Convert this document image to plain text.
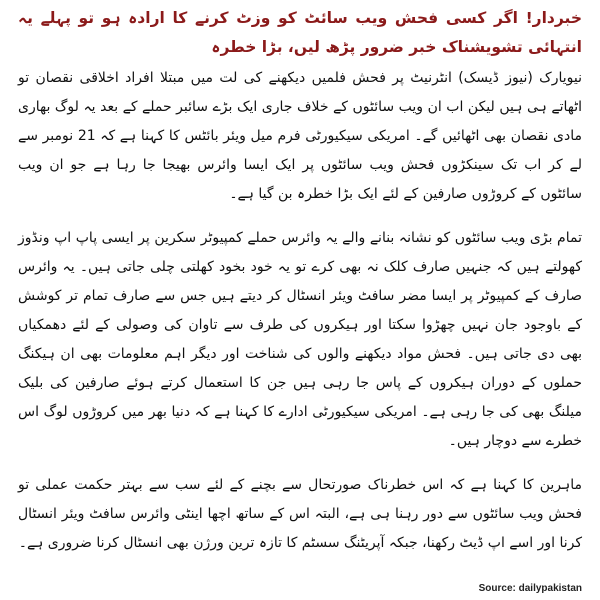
خبردار! اگر کسی فحش ویب سائٹ کو وزٹ کرنے کا ارادہ ہو تو پہلے یہ انتہائی تشویشناک خبر ضرور پڑھ لیں، بڑا خطرہ

نیویارک (نیوز ڈیسک) انٹرنیٹ پر فحش فلمیں دیکھنے کی لت میں مبتلا افراد اخلاقی نقصان تو اٹھاتے ہی ہیں لیکن اب ان ویب سائٹوں کے خلاف جاری ایک بڑے سائبر حملے کے بعد یہ لوگ بھاری مادی نقصان بھی اٹھائیں گے۔ امریکی سیکیورٹی فرم میل ویئر بائٹس کا کہنا ہے کہ 21 نومبر سے لے کر اب تک سینکڑوں فحش ویب سائٹوں پر ایک ایسا وائرس بھیجا جا رہا ہے جو ان ویب سائٹوں کے کروڑوں صارفین کے لئے ایک بڑا خطرہ بن گیا ہے۔

تمام بڑی ویب سائٹوں کو نشانہ بنانے والے یہ وائرس حملے کمپیوٹر سکرین پر ایسی پاپ اپ ونڈوز کھولتے ہیں کہ جنہیں صارف کلک نہ بھی کرے تو یہ خود بخود کھلتی چلی جاتی ہیں۔ یہ وائرس صارف کے کمپیوٹر پر ایسا مضر سافٹ ویئر انسٹال کر دیتے ہیں جس سے صارف تمام تر کوشش کے باوجود جان نہیں چھڑوا سکتا اور ہیکروں کی طرف سے تاوان کی وصولی کے لئے دھمکیاں بھی دی جاتی ہیں۔ فحش مواد دیکھنے والوں کی شناخت اور دیگر اہم معلومات بھی ان ہیکنگ حملوں کے دوران ہیکروں کے پاس جا رہی ہیں جن کا استعمال کرتے ہوئے صارفین کی بلیک میلنگ بھی کی جا رہی ہے۔ امریکی سیکیورٹی ادارے کا کہنا ہے کہ دنیا بھر میں کروڑوں لوگ اس خطرے سے دوچار ہیں۔

ماہرین کا کہنا ہے کہ اس خطرناک صورتحال سے بچنے کے لئے سب سے بہتر حکمت عملی تو فحش ویب سائٹوں سے دور رہنا ہی ہے، البتہ اس کے ساتھ اچھا اینٹی وائرس سافٹ ویئر انسٹال کرنا اور اسے اپ ڈیٹ رکھنا، جبکہ آپریٹنگ سسٹم کا تازہ ترین ورژن بھی انسٹال کرنا ضروری ہے۔

Source: dailypakistan
